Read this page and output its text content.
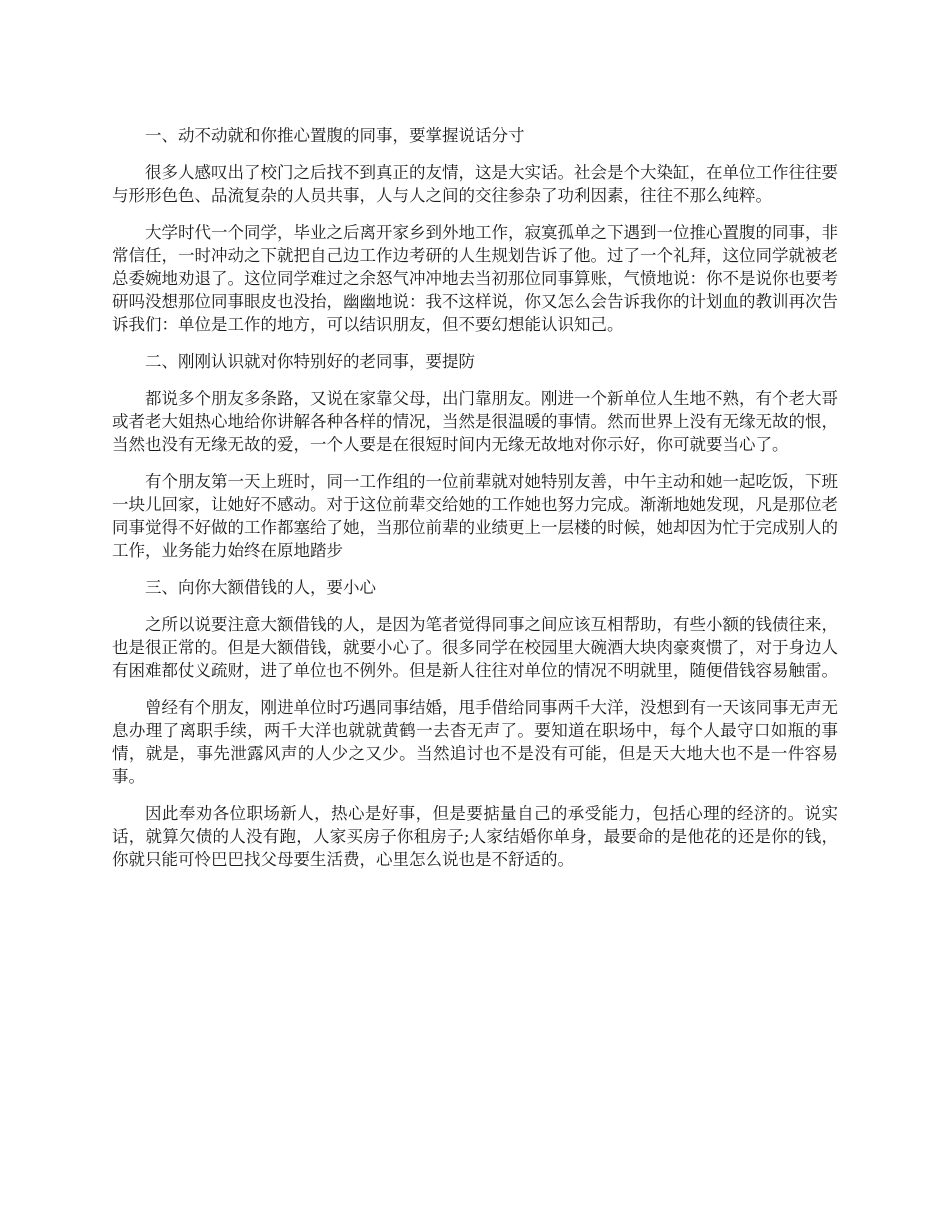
一、动不动就和你推心置腹的同事，要掌握说话分寸

很多人感叹出了校门之后找不到真正的友情，这是大实话。社会是个大染缸，在单位工作往往要与形形色色、品流复杂的人员共事，人与人之间的交往参杂了功利因素，往往不那么纯粹。

大学时代一个同学，毕业之后离开家乡到外地工作，寂寞孤单之下遇到一位推心置腹的同事，非常信任，一时冲动之下就把自己边工作边考研的人生规划告诉了他。过了一个礼拜，这位同学就被老总委婉地劝退了。这位同学难过之余怒气冲冲地去当初那位同事算账，气愤地说：你不是说你也要考研吗没想那位同事眼皮也没抬，幽幽地说：我不这样说，你又怎么会告诉我你的计划血的教训再次告诉我们：单位是工作的地方，可以结识朋友，但不要幻想能认识知己。

二、刚刚认识就对你特别好的老同事，要提防

都说多个朋友多条路，又说在家靠父母，出门靠朋友。刚进一个新单位人生地不熟，有个老大哥或者老大姐热心地给你讲解各种各样的情况，当然是很温暖的事情。然而世界上没有无缘无故的恨，当然也没有无缘无故的爱，一个人要是在很短时间内无缘无故地对你示好，你可就要当心了。

有个朋友第一天上班时，同一工作组的一位前辈就对她特别友善，中午主动和她一起吃饭，下班一块儿回家，让她好不感动。对于这位前辈交给她的工作她也努力完成。渐渐地她发现，凡是那位老同事觉得不好做的工作都塞给了她，当那位前辈的业绩更上一层楼的时候，她却因为忙于完成别人的工作，业务能力始终在原地踏步

三、向你大额借钱的人，要小心

之所以说要注意大额借钱的人，是因为笔者觉得同事之间应该互相帮助，有些小额的钱债往来，也是很正常的。但是大额借钱，就要小心了。很多同学在校园里大碗酒大块肉豪爽惯了，对于身边人有困难都仗义疏财，进了单位也不例外。但是新人往往对单位的情况不明就里，随便借钱容易触雷。

曾经有个朋友，刚进单位时巧遇同事结婚，甩手借给同事两千大洋，没想到有一天该同事无声无息办理了离职手续，两千大洋也就就黄鹤一去杳无声了。要知道在职场中，每个人最守口如瓶的事情，就是，事先泄露风声的人少之又少。当然追讨也不是没有可能，但是天大地大也不是一件容易事。

因此奉劝各位职场新人，热心是好事，但是要掂量自己的承受能力，包括心理的经济的。说实话，就算欠债的人没有跑，人家买房子你租房子;人家结婚你单身，最要命的是他花的还是你的钱，你就只能可怜巴巴找父母要生活费，心里怎么说也是不舒适的。
